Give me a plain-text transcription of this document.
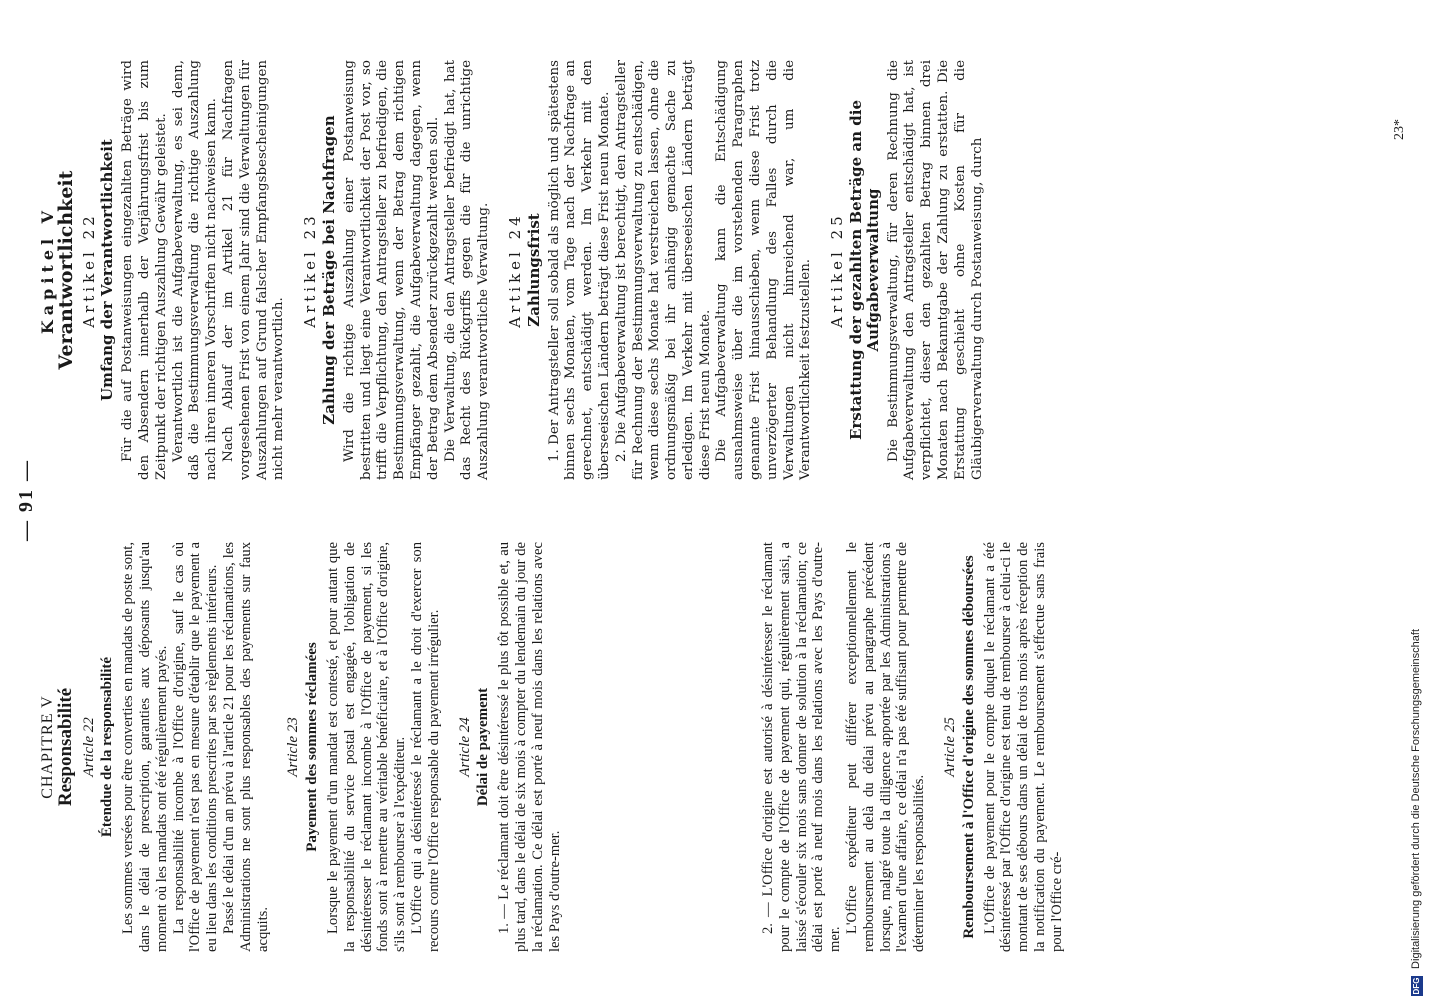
— 91 —
CHAPITRE V
Responsabilité Article 22 Étendue de la responsabilité Les sommes versées pour être converties en mandats de poste sont, dans le délai de prescription, garanties aux déposants jusqu'au moment où les mandats ont été régulièrement payés. La responsabilité incombe à l'Office d'origine, sauf le cas où l'Office de payement n'est pas en mesure d'établir que le payement a eu lieu dans les conditions prescrites par ses règlements intérieurs. Passé le délai d'un an prévu à l'article 21 pour les réclamations, les Administrations ne sont plus responsables des payements sur faux acquits.

Article 23 Payement des sommes réclamées Lorsque le payement d'un mandat est contesté, et pour autant que la responsabilité du service postal est engagée, l'obligation de désintéresser le réclamant incombe à l'Office de payement, si les fonds sont à remettre au véritable bénéficiaire, et à l'Office d'origine, s'ils sont à rembourser à l'expéditeur. L'Office qui a désintéressé le réclamant a le droit d'exercer son recours contre l'Office responsable du payement irrégulier. Article 24 Délai de payement 1. — Le réclamant doit être désintéressé le plus tôt possible et, au plus tard, dans le délai de six mois à compter du lendemain du jour de la réclamation. Ce délai est porté à neuf mois dans les relations avec les Pays d'outre-mer.

Kapitel V
Verantwortlichkeit Artikel 22 Umfang der Verantwortlichkeit Für die auf Postanweisungen eingezahlten Beträge wird den Absendern innerhalb der Verjährungsfrist bis zum Zeitpunkt der richtigen Auszahlung Gewähr geleistet. Verantwortlich ist die Aufgabeverwaltung, es sei denn, daß die Bestimmungsverwaltung die richtige Auszahlung nach ihren inneren Vorschriften nicht nachweisen kann. Nach Ablauf der im Artikel 21 für Nachfragen vorgesehenen Frist von einem Jahr sind die Verwaltungen für Auszahlungen auf Grund falscher Empfangsbescheinigungen nicht mehr verantwortlich.

Artikel 23 Zahlung der Beträge bei Nachfragen Wird die richtige Auszahlung einer Postanweisung bestritten und liegt eine Verantwortlichkeit der Post vor, so trifft die Verpflichtung, den Antragsteller zu befriedigen, die Bestimmungsverwaltung, wenn der Betrag dem richtigen Empfänger gezahlt, die Aufgabeverwaltung dagegen, wenn der Betrag dem Absender zurückgezahlt werden soll. Die Verwaltung, die den Antragsteller befriedigt hat, hat das Recht des Rückgriffs gegen die für die unrichtige Auszahlung verantwortliche Verwaltung. Artikel 24 Zahlungsfrist 1. Der Antragsteller soll sobald als möglich und spätestens binnen sechs Monaten, vom Tage nach der Nachfrage an gerechnet, entschädigt werden. Im Verkehr mit den überseeischen Ländern beträgt diese Frist neun Monate. 2. Die Aufgabeverwaltung ist berechtigt, den Antragsteller für Rechnung der Bestimmungsverwaltung zu entschädigen, wenn diese sechs Monate hat verstreichen lassen, ohne die ordnungsmäßig bei ihr anhängig gemachte Sache zu erledigen. Im Verkehr mit überseeischen Ländern beträgt diese Frist neun Monate. Die Aufgabeverwaltung kann die Entschädigung ausnahmsweise über die im vorstehenden Paragraphen genannte Frist hinausschieben, wenn diese Frist trotz unverzögerter Behandlung des Falles durch die Verwaltungen nicht hinreichend war, um die Verantwortlichkeit festzustellen. Artikel 25 Erstattung der gezahlten Beträge an die Aufgabeverwaltung Die Bestimmungsverwaltung, für deren Rechnung die Aufgabeverwaltung den Antragsteller entschädigt hat, ist verpflichtet, dieser den gezahlten Betrag binnen drei Monaten nach Bekanntgabe der Zahlung zu erstatten. Die Erstattung geschieht ohne Kosten für die Gläubigerverwaltung durch Postanweisung, durch

2. — L'Office d'origine est autorisé à désintéresser le réclamant pour le compte de l'Office de payement qui, régulièrement saisi, a laissé s'écouler six mois sans donner de solution à la réclamation; ce délai est porté à neuf mois dans les relations avec les Pays d'outre-mer.

L'Office expéditeur peut différer exceptionnellement le remboursement au delà du délai prévu au paragraphe précédent lorsque, malgré toute la diligence apportée par les Administrations à l'examen d'une affaire, ce délai n'a pas été suffisant pour permettre de déterminer les responsabilités.

Article 25 Remboursement à l'Office d'origine des sommes déboursées L'Office de payement pour le compte duquel le réclamant a été désintéressé par l'Office d'origine est tenu de rembourser à celui-ci le montant de ses débours dans un délai de trois mois après réception de la notification du payement. Le remboursement s'effectue sans frais pour l'Office cré-

23*
DFG Digitalisierung gefördert durch die Deutsche Forschungsgemeinschaft
